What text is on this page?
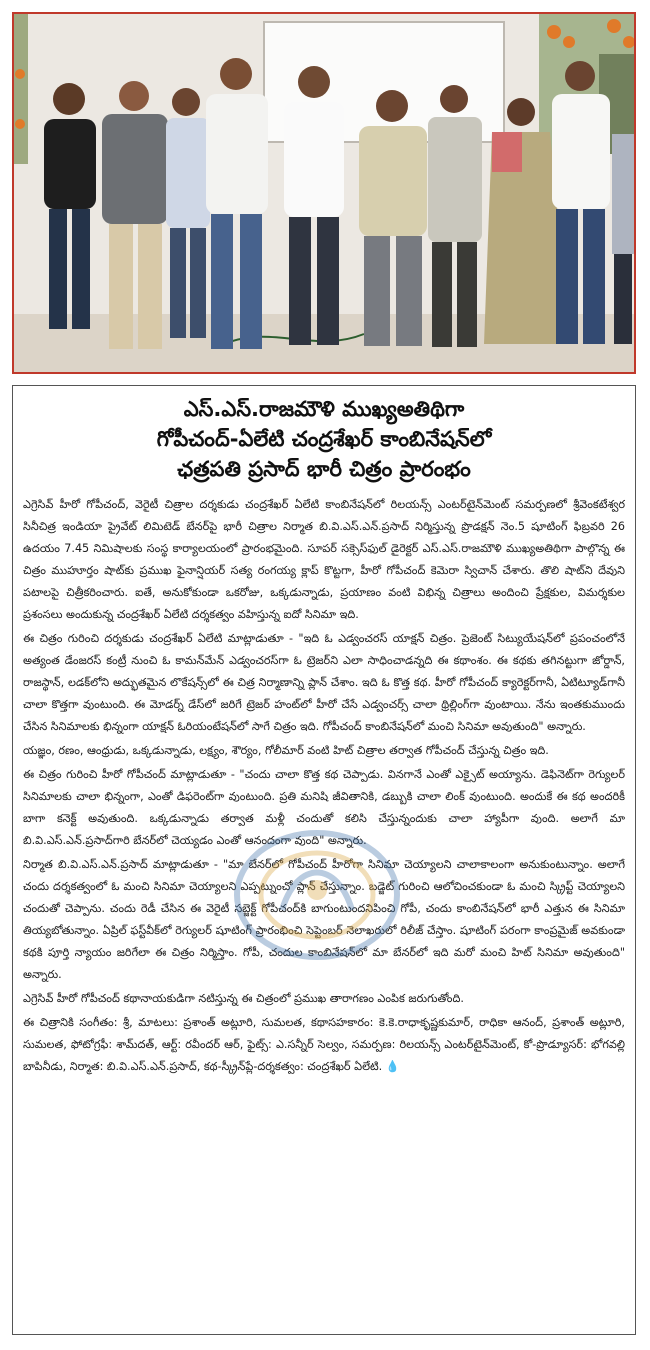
ఎస్.ఎస్.రాజమౌళి ముఖ్యఅతిథిగా
గోపీచంద్-ఏలేటి చంద్రశేఖర్ కాంబినేషన్‌లో
ఛత్రపతి ప్రసాద్ భారీ చిత్రం ప్రారంభం

ఎగ్రెసివ్ హీరో గోపీచంద్, వెరైటీ చిత్రాల దర్శకుడు చంద్రశేఖర్ ఏలేటి కాంబినేషన్‌లో రిలయన్స్ ఎంటర్‌టైన్‌మెంట్ సమర్పణలో శ్రీవెంకటేశ్వర సినీచిత్ర ఇండియా ప్రైవేట్ లిమిటెడ్ బేనర్‌పై భారీ చిత్రాల నిర్మాత బి.వి.ఎస్.ఎన్.ప్రసాద్ నిర్మిస్తున్న ప్రొడక్షన్ నెం.5 షూటింగ్ ఫిబ్రవరి 26 ఉదయం 7.45 నిమిషాలకు సంస్థ కార్యాలయంలో ప్రారంభమైంది. సూపర్ సక్సెస్‌ఫుల్ డైరెక్టర్ ఎస్.ఎస్.రాజమౌళి ముఖ్యఅతిథిగా పాల్గొన్న ఈ చిత్రం ముహూర్తం షాట్‌కు ప్రముఖ ఫైనాన్షియర్ సత్య రంగయ్య క్లాప్ కొట్టగా, హీరో గోపీచంద్ కెమెరా స్విచాన్ చేశారు. తొలి షాట్‌ని దేవుని పటాలపై చిత్రీకరించారు. ఐతే, అనుకోకుండా ఒకరోజు, ఒక్కడున్నాడు, ప్రయాణం వంటి విభిన్న చిత్రాలు అందించి ప్రేక్షకుల, విమర్శకుల ప్రశంసలు అందుకున్న చంద్రశేఖర్ ఏలేటి దర్శకత్వం వహిస్తున్న ఐదో సినిమా ఇది.

ఈ చిత్రం గురించి దర్శకుడు చంద్రశేఖర్ ఏలేటి మాట్లాడుతూ - "ఇది ఓ ఎడ్వంచరస్ యాక్షన్ చిత్రం. ప్రెజెంట్ సిట్యుయేషన్‌లో ప్రపంచంలోనే అత్యంత డేంజరస్ కంట్రీ నుంచి ఓ కామన్‌మేన్ ఎడ్వంచరస్‌గా ఓ ట్రెజర్‌ని ఎలా సాధించాడన్నది ఈ కథాంశం. ఈ కథకు తగినట్టుగా జోర్డాన్, రాజస్థాన్, లడక్‌లోని అద్భుతమైన లొకేషన్స్‌లో ఈ చిత్ర నిర్మాణాన్ని ప్లాన్ చేశాం. ఇది ఓ కొత్త కథ. హీరో గోపీచంద్ క్యారెక్టర్‌గానీ, ఏటిట్యూడ్‌గానీ చాలా కొత్తగా వుంటుంది. ఈ మోడర్న్ డేస్‌లో జరిగే ట్రెజర్ హంట్‌లో హీరో చేసే ఎడ్వంచర్స్ చాలా థ్రిల్లింగ్‌గా వుంటాయి. నేను ఇంతకుముందు చేసిన సినిమాలకు భిన్నంగా యాక్షన్ ఓరియంటేషన్‌లో సాగే చిత్రం ఇది. గోపీచంద్ కాంబినేషన్‌లో మంచి సినిమా అవుతుంది" అన్నారు.

యజ్ఞం, రణం, ఆంధ్రుడు, ఒక్కడున్నాడు, లక్ష్యం, శౌర్యం, గోలీమార్ వంటి హిట్ చిత్రాల తర్వాత గోపీచంద్ చేస్తున్న చిత్రం ఇది.

ఈ చిత్రం గురించి హీరో గోపీచంద్ మాట్లాడుతూ - "చందు చాలా కొత్త కథ చెప్పాడు. వినగానే ఎంతో ఎక్సైట్ అయ్యాను. డెఫినెట్‌గా రెగ్యులర్ సినిమాలకు చాలా భిన్నంగా, ఎంతో డిఫరెంట్‌గా వుంటుంది. ప్రతి మనిషి జీవితానికి, డబ్బుకి చాలా లింక్ వుంటుంది. అందుకే ఈ కథ అందరికీ బాగా కనెక్ట్ అవుతుంది. ఒక్కడున్నాడు తర్వాత మళ్లీ చందుతో కలిసి చేస్తున్నందుకు చాలా హ్యాపీగా వుంది. అలాగే మా బి.వి.ఎస్.ఎన్.ప్రసాద్‌గారి బేనర్‌లో చెయ్యడం ఎంతో ఆనందంగా వుంది" అన్నారు.

నిర్మాత బి.వి.ఎస్.ఎన్.ప్రసాద్ మాట్లాడుతూ - "మా బేనర్‌లో గోపీచంద్ హీరోగా సినిమా చెయ్యాలని చాలాకాలంగా అనుకుంటున్నాం. అలాగే చందు దర్శకత్వంలో ఓ మంచి సినిమా చెయ్యాలని ఎప్పట్నుంచో ప్లాన్ చేస్తున్నాం. బడ్జెట్ గురించి ఆలోచించకుండా ఓ మంచి స్క్రిప్ట్ చెయ్యాలని చందుతో చెప్పాను. చందు రెడీ చేసిన ఈ వెరైటీ సబ్జెక్ట్ గోపీచంద్‌కి బాగుంటుందనిపించి గోపీ, చందు కాంబినేషన్‌లో భారీ ఎత్తున ఈ సినిమా తియ్యబోతున్నాం. ఏప్రిల్ ఫస్ట్‌వీక్‌లో రెగ్యులర్ షూటింగ్ ప్రారంభించి సెప్టెంబర్ నెలాఖరులో రిలీజ్ చేస్తాం. షూటింగ్ పరంగా కాంప్రమైజ్ అవకుండా కథకి పూర్తి న్యాయం జరిగేలా ఈ చిత్రం నిర్మిస్తాం. గోపీ, చందుల కాంబినేషన్‌లో మా బేనర్‌లో ఇది మరో మంచి హిట్ సినిమా అవుతుంది" అన్నారు.

ఎగ్రెసివ్ హీరో గోపీచంద్ కథానాయకుడిగా నటిస్తున్న ఈ చిత్రంలో ప్రముఖ తారాగణం ఎంపిక జరుగుతోంది.

ఈ చిత్రానికి సంగీతం: శ్రీ, మాటలు: ప్రశాంత్ అట్లూరి, సుమలత, కథాసహకారం: కె.కె.రాధాకృష్ణకుమార్, రాధికా ఆనంద్, ప్రశాంత్ అట్లూరి, సుమలత, ఫోటోగ్రఫీ: శామ్‌దత్, ఆర్ట్: రవీందర్ ఆర్, ఫైట్స్: ఎ.సన్నీర్ సెల్వం, సమర్పణ: రిలయన్స్ ఎంటర్‌టైన్‌మెంట్, కో-ప్రొడ్యూసర్: భోగవల్లి బాపినీడు, నిర్మాత: బి.వి.ఎస్.ఎన్.ప్రసాద్, కథ-స్క్రీన్‌ప్లే-దర్శకత్వం: చంద్రశేఖర్ ఏలేటి. 💧
